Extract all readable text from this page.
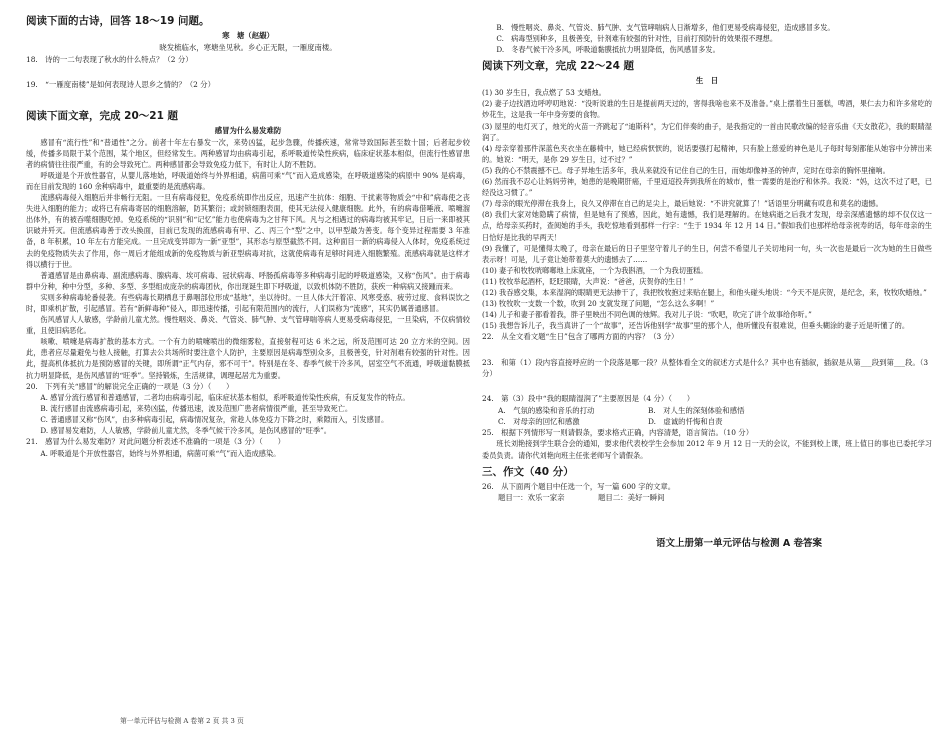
阅读下面的古诗，回答 18～19 问题。
寒　塘（赵嘏）
晓发梳临水，寒塘坐见秋。乡心正无限，一雁度南楼。
18.　诗的一二句表现了秋水的什么特点？（2 分）
19.　“一雁度南楼”是如何表现诗人思乡之情的？（2 分）
阅读下面文章，完成 20～21 题
感冒为什么易发难防
感冒有“流行性”和“普通性”之分。前者十年左右暴发一次，来势凶猛，起步急骤，传播疾速，常常导致国际甚至数十国；后者起步较缓，传播多局限于某个范围，某个地区，但经常发生。两种感冒均由病毒引起，系呼吸道传染性疾病，临床症状基本相似，但流行性感冒患者的病情往往很严重，有的会导致死亡。两种感冒都会导致免疫力低下，有时让人防不胜防。
呼吸道是个开放性器官，从婴儿落地始，呼吸道始终与外界相通，病菌可乘“气”而入造成感染，在呼吸道感染的病原中 90% 是病毒，而在目前发现的 160 余种病毒中，最重要的是流感病毒。
流感病毒侵入细胞后并非畅行无阻。一旦有病毒侵犯，免疫系统即作出反应，迅速产生抗体：细胞、干扰素等物质会“中和”病毒使之丧失进入细胞的能力；或将已有病毒寄居的细胞溶解，防其繁衍；或封锁细胞表面，使其无法侵入健康细胞。此外，有的病毒借唾液、喷嚏溜出体外，有的被吞噬细胞吃掉。免疫系统的“识别”和“记忆”能力也使病毒为之甘拜下风。凡与之相遇过的病毒均被其牢记，日后一来即被其识破并歼灭。但流感病毒善于改头换面，目前已发现的流感病毒有甲、乙、丙三个“型”之中，以甲型最为善变。每个变异过程需要 3 年准备，8 年积累，10 年左右方能完成。一旦完成变异即为一新“亚型”，其形态与原型截然不同。这种面目一新的病毒侵入人体时，免疫系统过去的免疫物质失去了作用，你一周后才能组成新的免疫物质与新亚型病毒对抗，这就使病毒有足够时间进入细胞繁殖。流感病毒就是这样才得以横行于世。
普通感冒是由鼻病毒、副流感病毒、腺病毒、埃可病毒、冠状病毒、呼肠孤病毒等多种病毒引起的呼吸道感染，又称“伤风”。由于病毒群中分种，种中分型，多种、多型、多型组成庞杂的病毒团伙，你出现诞生即下呼吸道，以致机体防不胜防，获疾一种病病又接踵而来。
实则多种病毒轮番侵袭。有些病毒长期栖息于鼻咽部位形成“基地”，坐以待时。一旦人体大汗着凉、风寒受惑、疲劳过度、食料误饮之时，即乘机扩散，引起感冒。若有“新鲜毒种”侵入，即迅速传播，引起有限范围内的流行，人们误称为“流感”，其实仍属普通感冒。
伤风感冒人人敏感，学龄前儿童尤然。慢性咽炎、鼻炎、气管炎、肺气肿、支气管哮喘等病人更易受病毒侵犯，一旦染病，不仅病情较重，且使旧病恶化。
咳嗽、喷嚏是病毒扩散的基本方式。一个有力的喷嚏喷出的微细雾粒，直接射程可达 6 米之远，所及范围可达 20 立方米的空间。因此，患者应尽量避免与他人接触，打算去公共场所时要注意个人防护，主要原因是病毒型别众多，且极善变，针对剂难有较强的针对性。因此，提高机体抵抗力是预防感冒的关键，即所谓“正气内存，邪不可干”。特别是在冬、春季气候干冷多风，居室空气不流通，呼吸道黏膜抵抗力明显降低，是伤风感冒的“旺季”。坚持锻炼，生活规律，调理起居尤为重要。
20.　下列有关“感冒”的解说完全正确的一项是（3 分）（　　）
A. 感冒分流行感冒和普通感冒，二者均由病毒引起，临床症状基本相似，系呼吸道传染性疾病，有反复发作的特点。
B. 流行感冒由流感病毒引起，来势凶猛，传播迅速，波及范围广患者病情很严重，甚至导致死亡。
C. 普通感冒又称“伤风”，由多种病毒引起，病毒情况复杂，常趁人体免疫力下降之时，乘隙而入，引发感冒。
D. 感冒易发难防，人人敏感，学龄前儿童尤然，冬季气候干冷多风，是伤风感冒的“旺季”。
21.　感冒为什么易发难防？对此问题分析表述不准确的一项是（3 分）（　　）
A. 呼吸道是个开放性器官，始终与外界相通，病菌可乘“气”而入造成感染。
B.　慢性咽炎、鼻炎、气管炎、肺气肿、支气管哮喘病人日渐增多，他们更易受病毒侵犯，造成感冒多发。
C.　病毒型别种多，且极善变，针剂难有较强的针对性，目前打预防针的效果很不理想。
D.　冬春气候干冷多风，呼吸道黏膜抵抗力明显降低，伤风感冒多发。
阅读下列文章，完成 22～24 题
生　日
(1) 30 岁生日，我点燃了 53 支蜡烛。
(2) 妻子边找酒边呼哼叨地说：“没听说谁的生日是提前两天过的，害得我啥也来不及准备。”桌上摆着生日蛋糕，啤酒，果仁去力和许多常吃的炒花生，这是我一年中身旁要的食物。
(3) 屋里的电灯灭了，烛光的火苗一齐跳起了“迪斯科”，为它们伴奏的曲子，是我指定的一首由民歌改编的轻音乐曲《天女散花》，我的眼睛湿润了。
(4) 母亲穿着那件深蓝色夹衣坐在藤椅中，她已经病恹恹的，说话要强打起精神，只有脸上慈爱的神色是儿子每时每刻都能从她容中分辨出来的。她说：“明天，是你 29 岁生日，过不过？”
(5) 我的心不禁震撼不已。母子异地生活多年，我从来就没有记住自己的生日，而她却像神圣的钟声，定时在母亲的胸怀里撞响。
(6) 然而我不忍心让妈妈劳神，她患的是晚期肝癌，千里迢迢投奔到我所在的城市，惟一需要的是治疗和休养。我说：“妈，这次不过了吧，已经没这习惯了。”
(7) 母亲的眼光停滞在我身上，良久又停滞在自己的足尖上，最后她说：“不讲究就算了！”话语里分明藏有哎息和莫名的遗憾。
(8) 我们大家对她隐瞒了病情，但是她有了预感，因此，她有遗憾，我们是理解的。在她病逝之后我才发现，母亲深感遗憾的却不仅仅这一点，给母亲买药时，查阅她的手头，我吃惊地看到那样一行字：“生于 1934 年 12 月 14 日。”假如我们也那样给母亲祝寿的话，每年母亲的生日恰好是比我的早两天！
(9) 我懂了，可是懂得太晚了，母亲在最后的日子里坚守着儿子的生日，何尝不希望儿子关切地问一句，头一次也是最后一次为她的生日做些表示呀！可是，儿子竟让她带着莫大的遗憾去了……
(10) 妻子和牧牧咣啷啷地上床就座，一个为我斟酒，一个为我切蛋糕。
(11) 牧牧举起酒杯，眨眨眼睛，大声说：“爸爸，庆贺你的生日！”
(12) 我吞感交集，本来湿润的眼睛更无法掺干了，我把牧牧抱过来贴在腿上，和他头碰头地说：“今天不是庆贺，是纪念，来，牧牧吹蜡烛。”
(13) 牧牧吹一支数一个数，吹到 20 支就发现了问题，“怎么这么多啊！”
(14) 儿子和妻子都看着我，胖子里映出不同色调的烛辉。我对儿子说：“吹吧，吹完了讲个故事给你听。”
(15) 我想告诉儿子，我当真讲了一个“故事”，还告诉他别学“故事”里的那个人，他听懂没有很难说，但垂头糊涂的妻子近是听懂了的。
22.　从全文看文题“生日”包含了哪两方面的内容？（3 分）
23.　和第（1）段内容直接呼应的一个段落是哪一段？从整体看全文的叙述方式是什么？其中也有插叙，插叙是从第___段到第___段。（3 分）
24.　第（3）段中“我的眼睛湿润了”主要原因是（4 分）（　　）
A.　气氛的感染和音乐的打动	B.　对人生的深刻体验和感悟
C.　对母亲的回忆和感激	D.　虚诚的忏悔和自责
25.　根据下列情形写一则请假条，要求格式正确，内容清楚，语言简洁。（10 分）
班长刘艳接到学生联合会的通知，要求他代表校学生会参加 2012 年 9 月 12 日一天的会议，不能到校上课，班上值日的事也已委托学习委员负责。请你代刘艳向班主任张老师写个请假条。
三、作文（40 分）
26.　从下面两个题目中任选一个，写一篇 600 字的文章。
题目一：欢乐一家亲	题目二：美好一瞬间
语文上册第一单元评估与检测 A 卷答案
第一单元评估与检测 A 卷第 2 页 共 3 页
